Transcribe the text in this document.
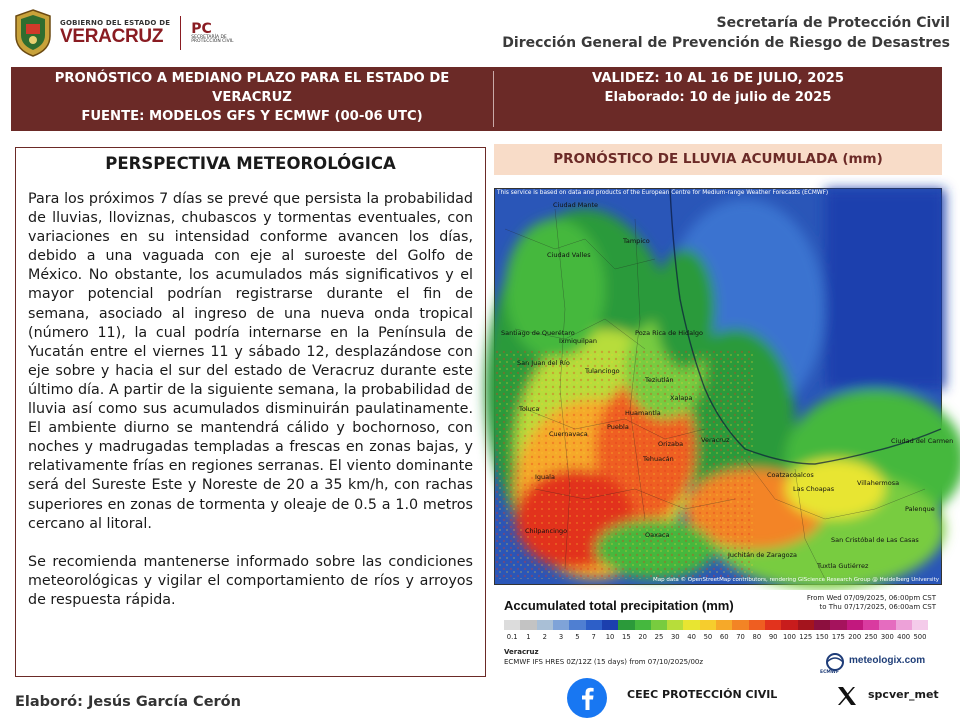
GOBIERNO DEL ESTADO DE
VERACRUZ	PC
SECRETARÍA DE PROTECCIÓN CIVIL
Secretaría de Protección Civil
Dirección General de Prevención de Riesgo de Desastres
PRONÓSTICO A MEDIANO PLAZO PARA EL ESTADO DE
VERACRUZ
FUENTE: MODELOS GFS Y ECMWF (00-06 UTC)
VALIDEZ: 10 AL 16 DE JULIO, 2025
Elaborado: 10 de julio de 2025
PERSPECTIVA METEOROLÓGICA

Para los próximos 7 días se prevé que persista la probabilidad de lluvias, lloviznas, chubascos y tormentas eventuales, con variaciones en su intensidad conforme avancen los días, debido a una vaguada con eje al suroeste del Golfo de México. No obstante, los acumulados más significativos y el mayor potencial podrían registrarse durante el fin de semana, asociado al ingreso de una nueva onda tropical (número 11), la cual podría internarse en la Península de Yucatán entre el viernes 11 y sábado 12, desplazándose con eje sobre y hacia el sur del estado de Veracruz durante este último día. A partir de la siguiente semana, la probabilidad de lluvia así como sus acumulados disminuirán paulatinamente. El ambiente diurno se mantendrá cálido y bochornoso, con noches y madrugadas templadas a frescas en zonas bajas, y relativamente frías en regiones serranas. El viento dominante será del Sureste Este y Noreste de 20 a 35 km/h, con rachas superiores en zonas de tormenta y oleaje de 0.5 a 1.0 metros cercano al litoral.

Se recomienda mantenerse informado sobre las condiciones meteorológicas y vigilar el comportamiento de ríos y arroyos de respuesta rápida.

PRONÓSTICO DE LLUVIA ACUMULADA (mm)
This service is based on data and products of the European Centre for Medium-range Weather Forecasts (ECMWF)
Ciudad Mante
Ciudad Valles
Tampico
Poza Rica de Hidalgo
Ixmiquilpan
Tulancingo
Teziutlán
Xalapa
Veracruz
Puebla
Huamantla
Orizaba
Tehuacán
Cuernavaca
Coatzacoalcos
Las Choapas
Villahermosa
Ciudad del Carmen
Palenque
Oaxaca
Juchitán de Zaragoza
Tuxtla Gutiérrez
San Cristóbal de Las Casas
Chilpancingo
Santiago de Querétaro
San Juan del Río
Toluca
Iguala
Map data © OpenStreetMap contributors, rendering GIScience Research Group @ Heidelberg University
Accumulated total precipitation (mm)	From Wed 07/09/2025, 06:00pm CST
to Thu 07/17/2025, 06:00am CST
0.1	1	2	3	5	7	10	15	20	25	30	40	50	60	70	80	90 100 125 150 175 200 250 300 400 500
Veracruz
ECMWF IFS HRES 0Z/12Z (15 days) from 07/10/2025/00z
ECMWF
meteologix.com
Elaboró: Jesús García Cerón	CEEC PROTECCIÓN CIVIL	spcver_met
